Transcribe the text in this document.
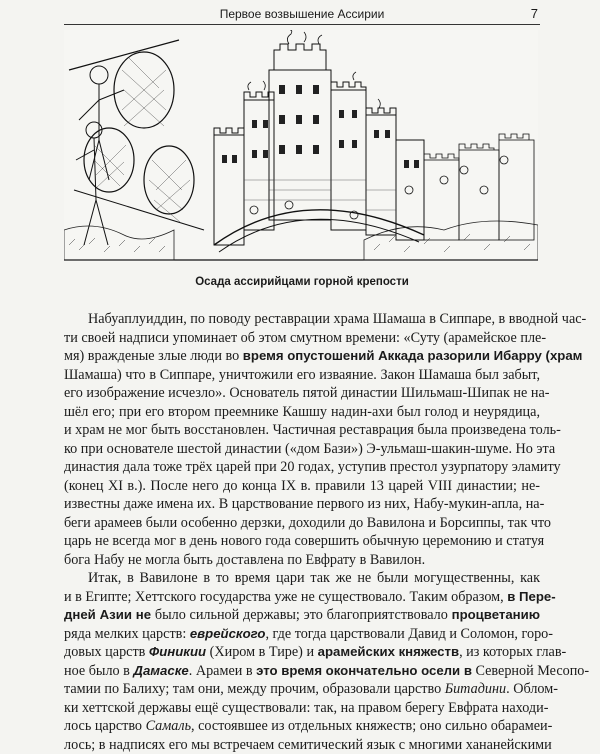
Первое возвышение Ассирии	7
Осада ассирийцами горной крепости
Набуаплуиддин, по поводу реставрации храма Шамаша в Сиппаре, в вводной час-
ти своей надписи упоминает об этом смутном времени: «Суту (арамейское пле-
мя) вражденые злые люди во время опустошений Аккада разорили Ибарру (храм
Шамаша) что в Сиппаре, уничтожили его изваяние. Закон Шамаша был забыт,
его изображение исчезло». Основатель пятой династии Шильмаш-Шипак не на-
шёл его; при его втором преемнике Кашшу надин-ахи был голод и неурядица,
и храм не мог быть восстановлен. Частичная реставрация была произведена толь-
ко при основателе шестой династии («дом Бази») Э-ульмаш-шакин-шуме. Но эта
династия дала тоже трёх царей при 20 годах, уступив престол узурпатору эламиту
(конец XI в.). После него до конца IX в. правили 13 царей VIII династии; не-
известны даже имена их. В царствование первого из них, Набу-мукин-апла, на-
беги арамеев были особенно дерзки, доходили до Вавилона и Борсиппы, так что
царь не всегда мог в день нового года совершить обычную церемонию и статуя
бога Набу не могла быть доставлена по Евфрату в Вавилон.
Итак, в Вавилоне в то время цари так же не были могущественны, как
и в Египте; Хеттского государства уже не существовало. Таким образом, в Пере-
дней Азии не было сильной державы; это благоприятствовало процветанию
ряда мелких царств: еврейского, где тогда царствовали Давид и Соломон, горо-
довых царств Финикии (Хиром в Тире) и арамейских княжеств, из которых глав-
ное было в Дамаске. Арамеи в это время окончательно осели в Северной Месопо-
тамии по Балиху; там они, между прочим, образовали царство Битадини. Облом-
ки хеттской державы ещё существовали: так, на правом берегу Евфрата находи-
лось царство Самаль, состоявшее из отдельных княжеств; оно сильно обарамеи-
лось; в надписях его мы встречаем семитический язык с многими хананейскими
